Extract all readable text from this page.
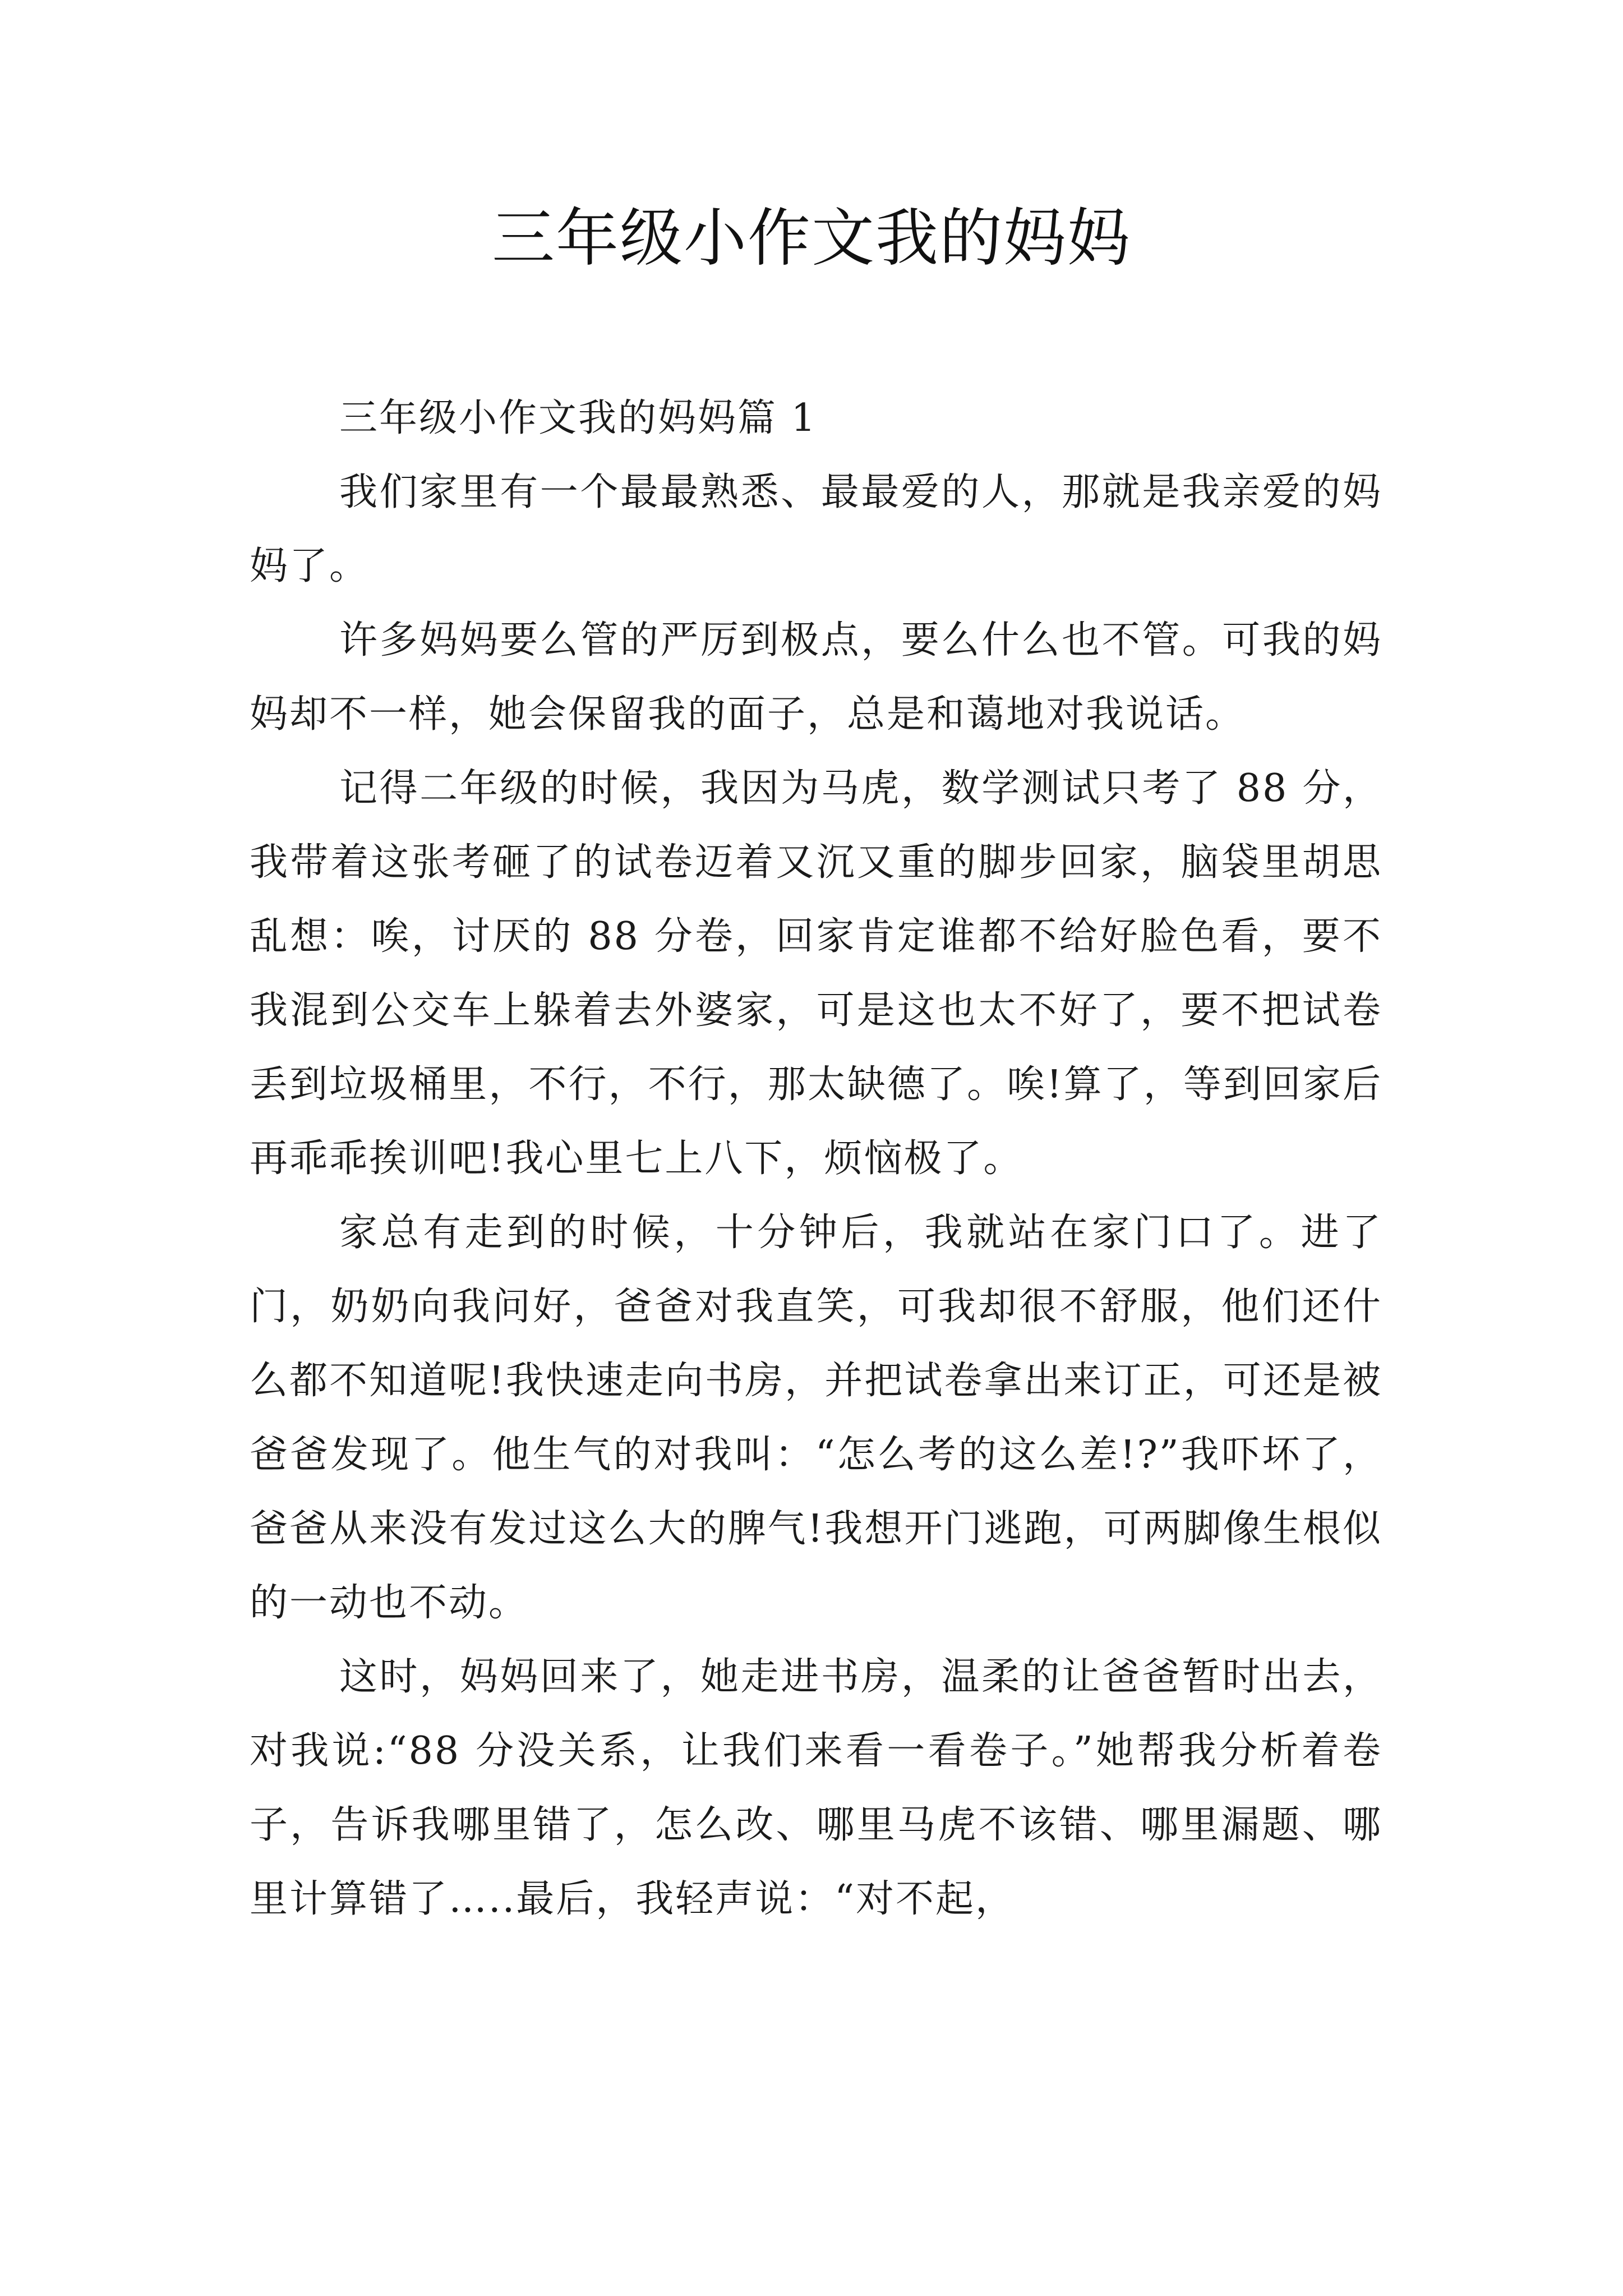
三年级小作文我的妈妈
三年级小作文我的妈妈篇 1

我们家里有一个最最熟悉、最最爱的人，那就是我亲爱的妈妈了。

许多妈妈要么管的严厉到极点，要么什么也不管。可我的妈妈却不一样，她会保留我的面子，总是和蔼地对我说话。

记得二年级的时候，我因为马虎，数学测试只考了 88 分，我带着这张考砸了的试卷迈着又沉又重的脚步回家，脑袋里胡思乱想：唉，讨厌的 88 分卷，回家肯定谁都不给好脸色看，要不我混到公交车上躲着去外婆家，可是这也太不好了，要不把试卷丢到垃圾桶里，不行，不行，那太缺德了。唉!算了，等到回家后再乖乖挨训吧!我心里七上八下，烦恼极了。

家总有走到的时候，十分钟后，我就站在家门口了。进了门，奶奶向我问好，爸爸对我直笑，可我却很不舒服，他们还什么都不知道呢!我快速走向书房，并把试卷拿出来订正，可还是被爸爸发现了。他生气的对我叫：“怎么考的这么差!?”我吓坏了，爸爸从来没有发过这么大的脾气!我想开门逃跑，可两脚像生根似的一动也不动。

这时，妈妈回来了，她走进书房，温柔的让爸爸暂时出去，对我说:“88 分没关系，让我们来看一看卷子。”她帮我分析着卷子，告诉我哪里错了，怎么改、哪里马虎不该错、哪里漏题、哪里计算错了…..最后，我轻声说：“对不起，
